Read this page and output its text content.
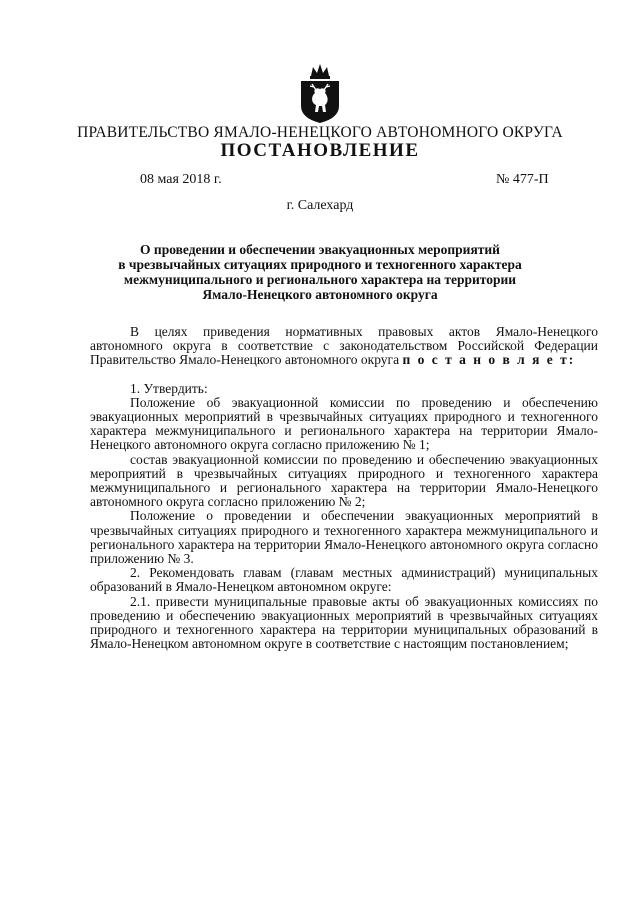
ПРАВИТЕЛЬСТВО ЯМАЛО-НЕНЕЦКОГО АВТОНОМНОГО ОКРУГА
ПОСТАНОВЛЕНИЕ
08 мая 2018 г.	№ 477-П
г. Салехард
О проведении и обеспечении эвакуационных мероприятий
в чрезвычайных ситуациях природного и техногенного характера
межмуниципального и регионального характера на территории
Ямало-Ненецкого автономного округа

В целях приведения нормативных правовых актов Ямало-Ненецкого автономного округа в соответствие с законодательством Российской Федерации Правительство Ямало-Ненецкого автономного округа п о с т а н о в л я е т:

1. Утвердить:

Положение об эвакуационной комиссии по проведению и обеспечению эвакуационных мероприятий в чрезвычайных ситуациях природного и техногенного характера межмуниципального и регионального характера на территории Ямало-Ненецкого автономного округа согласно приложению № 1;

состав эвакуационной комиссии по проведению и обеспечению эвакуационных мероприятий в чрезвычайных ситуациях природного и техногенного характера межмуниципального и регионального характера на территории Ямало-Ненецкого автономного округа согласно приложению № 2;

Положение о проведении и обеспечении эвакуационных мероприятий в чрезвычайных ситуациях природного и техногенного характера межмуниципального и регионального характера на территории Ямало-Ненецкого автономного округа согласно приложению № 3.

2. Рекомендовать главам (главам местных администраций) муниципальных образований в Ямало-Ненецком автономном округе:

2.1. привести муниципальные правовые акты об эвакуационных комиссиях по проведению и обеспечению эвакуационных мероприятий в чрезвычайных ситуациях природного и техногенного характера на территории муниципальных образований в Ямало-Ненецком автономном округе в соответствие с настоящим постановлением;
